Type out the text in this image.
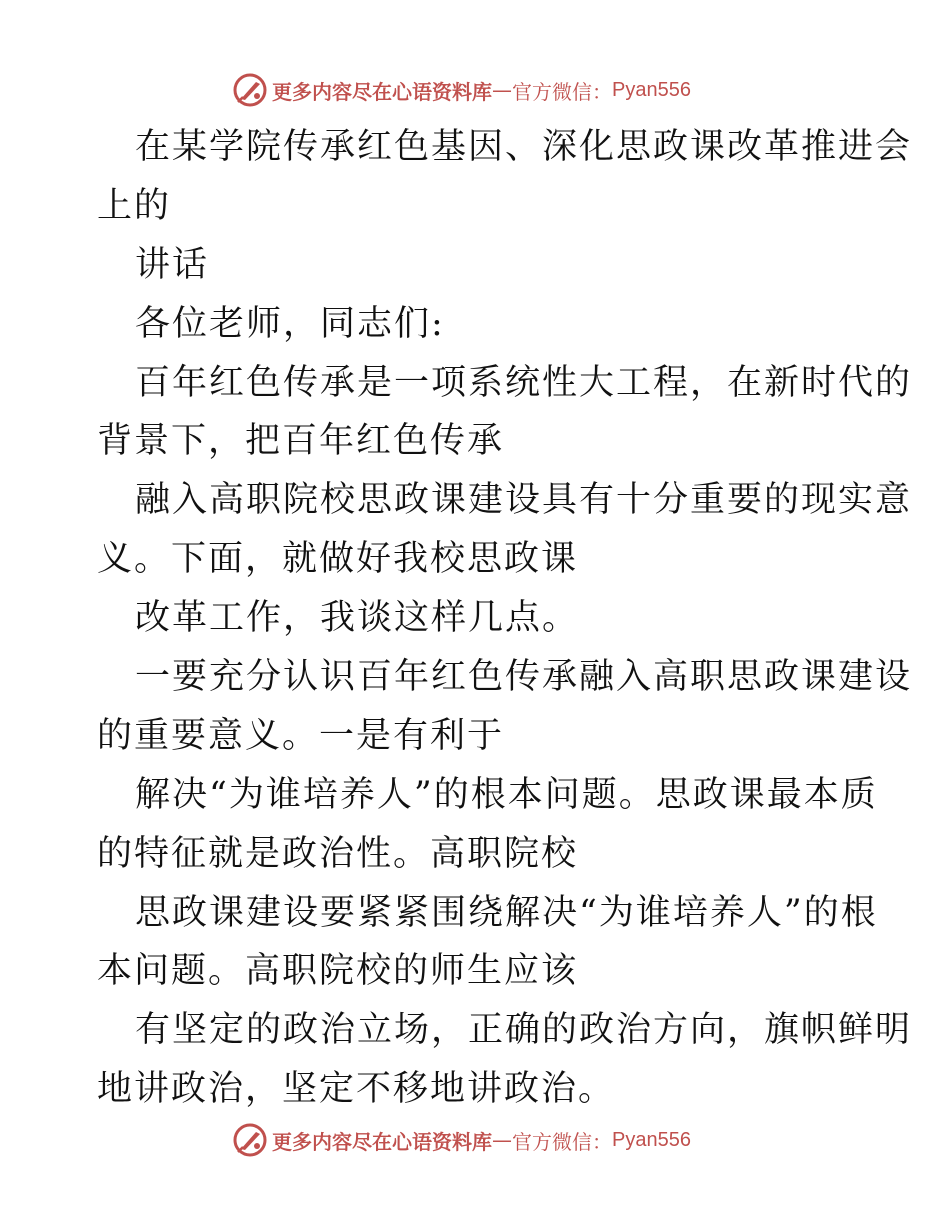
更多内容尽在心语资料库 — 官方微信： Pyan556
在某学院传承红色基因、深化思政课改革推进会
上的
讲话
各位老师，同志们:
百年红色传承是一项系统性大工程，在新时代的
背景下，把百年红色传承
融入高职院校思政课建设具有十分重要的现实意
义。下面，就做好我校思政课
改革工作，我谈这样几点。
一要充分认识百年红色传承融入高职思政课建设
的重要意义。一是有利于
解决“为谁培养人”的根本问题。思政课最本质
的特征就是政治性。高职院校
思政课建设要紧紧围绕解决“为谁培养人”的根
本问题。高职院校的师生应该
有坚定的政治立场，正确的政治方向，旗帜鲜明
地讲政治，坚定不移地讲政治。
更多内容尽在心语资料库 — 官方微信： Pyan556
